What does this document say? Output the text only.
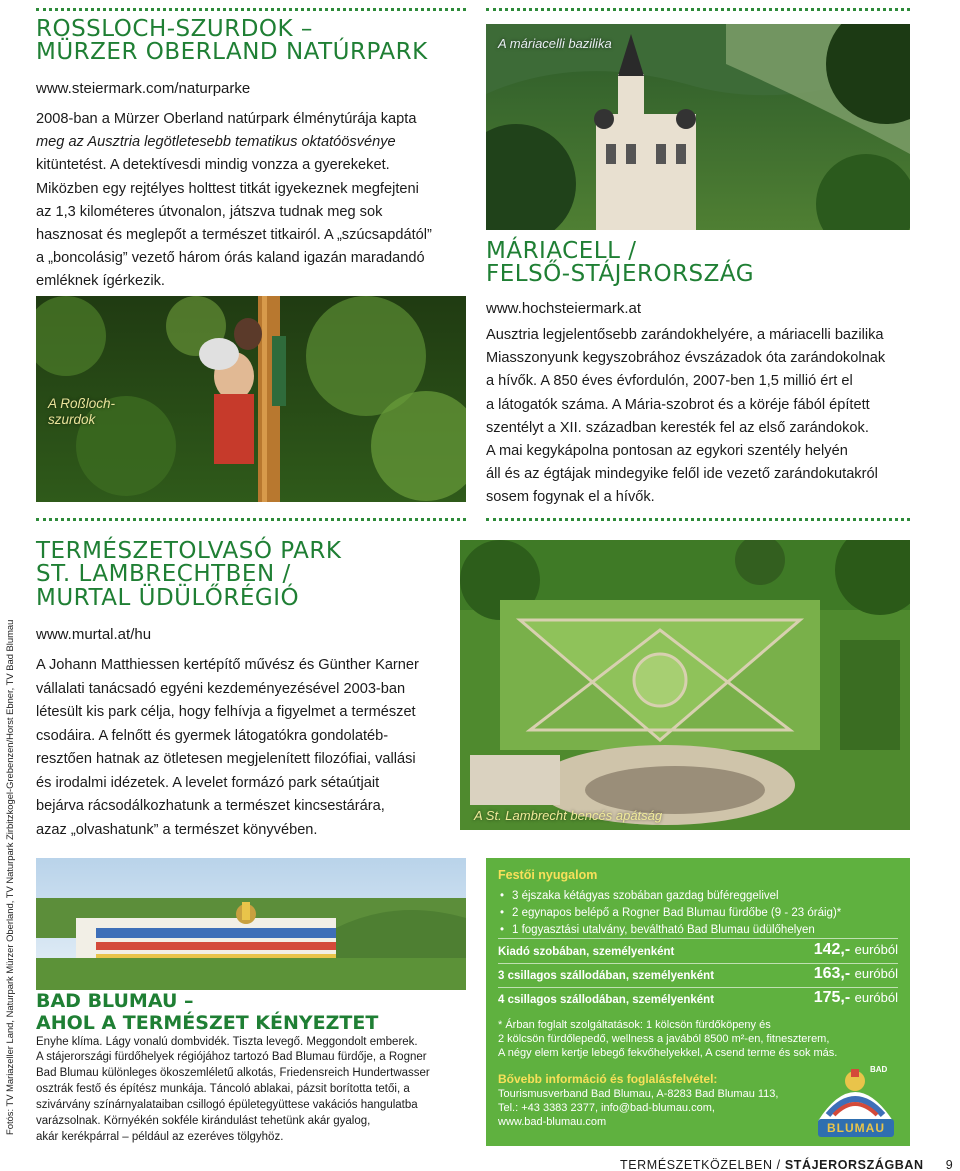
ROSSLOCH-SZURDOK –
MÜRZER OBERLAND NATÚRPARK
www.steiermark.com/naturparke
2008-ban a Mürzer Oberland natúrpark élménytúrája kapta
meg az Ausztria legötletesebb tematikus oktatóösvénye
kitüntetést. A detektívesdi mindig vonzza a gyerekeket.
Miközben egy rejtélyes holttest titkát igyekeznek megfejteni
az 1,3 kilométeres útvonalon, játszva tudnak meg sok
hasznosat és meglepőt a természet titkairól. A „szúcsapdától”
a „boncolásig” vezető három órás kaland igazán maradandó
emléknek ígérkezik.
A Roßloch-
szurdok
A máriacelli bazilika
MÁRIACELL /
FELSŐ-STÁJERORSZÁG
www.hochsteiermark.at
Ausztria legjelentősebb zarándokhelyére, a máriacelli bazilika
Miasszonyunk kegyszobrához évszázadok óta zarándokolnak
a hívők. A 850 éves évfordulón, 2007-ben 1,5 millió ért el
a látogatók száma. A Mária-szobrot és a köréje fából épített
szentélyt a XII. században keresték fel az első zarándokok.
A mai kegykápolna pontosan az egykori szentély helyén
áll és az égtájak mindegyike felől ide vezető zarándokutakról
sosem fogynak el a hívők.
TERMÉSZETOLVASÓ PARK
ST. LAMBRECHTBEN /
MURTAL ÜDÜLŐRÉGIÓ
www.murtal.at/hu
A Johann Matthiessen kertépítő művész és Günther Karner
vállalati tanácsadó egyéni kezdeményezésével 2003-ban
létesült kis park célja, hogy felhívja a figyelmet a természet
csodáira. A felnőtt és gyermek látogatókra gondolatéb-
resztően hatnak az ötletesen megjelenített filozófiai, vallási
és irodalmi idézetek. A levelet formázó park sétaútjait
bejárva rácsodálkozhatunk a természet kincsestárára,
azaz „olvashatunk” a természet könyvében.
A St. Lambrecht bencés apátság
BAD BLUMAU –
AHOL A TERMÉSZET KÉNYEZTET
Enyhe klíma. Lágy vonalú dombvidék. Tiszta levegő. Meggondolt emberek.
A stájerországi fürdőhelyek régiójához tartozó Bad Blumau fürdője, a Rogner
Bad Blumau különleges ökoszemléletű alkotás, Friedensreich Hundertwasser
osztrák festő és építész munkája. Táncoló ablakai, pázsit borította tetői, a
szivárvány színárnyalataiban csillogó épületegyüttese vakációs hangulatba
varázsolnak. Környékén sokféle kirándulást tehetünk akár gyalog,
akár kerékpárral – például az ezeréves tölgyhöz.
Festői nyugalom
• 3 éjszaka kétágyas szobában gazdag büféreggelivel
• 2 egynapos belépő a Rogner Bad Blumau fürdőbe (9 - 23 óráig)*
• 1 fogyasztási utalvány, beváltható Bad Blumau üdülőhelyen
Kiadó szobában, személyenként	142,- euróból
3 csillagos szállodában, személyenként	163,- euróból
4 csillagos szállodában, személyenként	175,- euróból
* Árban foglalt szolgáltatások: 1 kölcsön fürdőköpeny és
2 kölcsön fürdőlepedő, wellness a javából 8500 m²-en, fitneszterem,
A négy elem kertje lebegő fekvőhelyekkel, A csend terme és sok más.
Bővebb információ és foglalásfelvétel:
Tourismusverband Bad Blumau, A-8283 Bad Blumau 113,
Tel.: +43 3383 2377, info@bad-blumau.com,
www.bad-blumau.com
BAD
BLUMAU
TERMÉSZETKÖZELBEN / STÁJERORSZÁGBAN 9
Fotós: TV Mariazeller Land, Naturpark Mürzer Oberland, TV Naturpark Zirbitzkogel-Grebenzen/Horst Ebner, TV Bad Blumau
